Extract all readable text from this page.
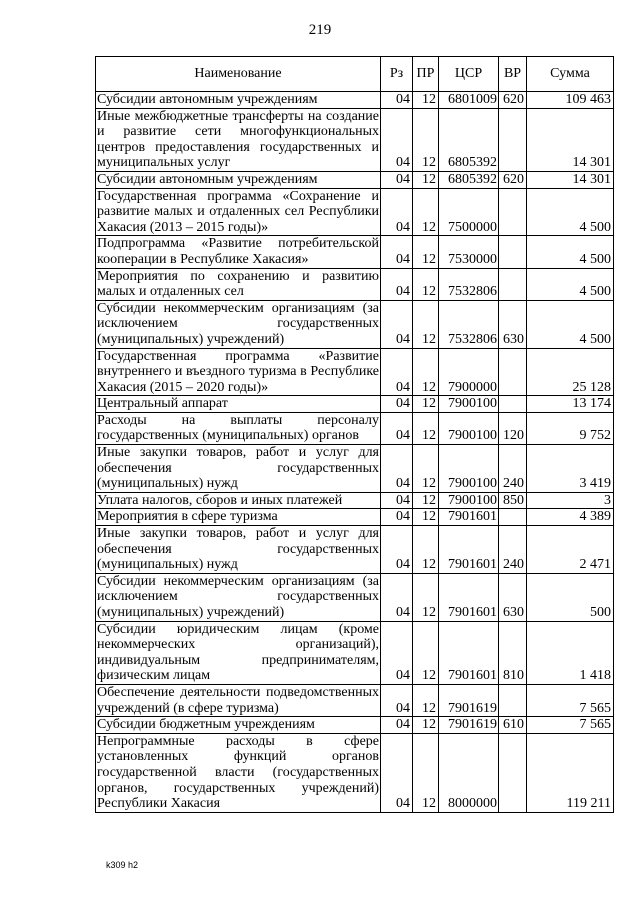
219
Наименование	Рз	ПР	ЦСР	ВР	Сумма
Субсидии автономным учреждениям	04	12	6801009	620	109 463
Иные межбюджетные трансферты на создание и развитие сети многофункциональных центров предоставления государственных и муниципальных услуг	04	12	6805392		14 301
Субсидии автономным учреждениям	04	12	6805392	620	14 301
Государственная программа «Сохранение и развитие малых и отдаленных сел Республики Хакасия (2013 – 2015 годы)»	04	12	7500000		4 500
Подпрограмма «Развитие потребительской кооперации в Республике Хакасия»	04	12	7530000		4 500
Мероприятия по сохранению и развитию малых и отдаленных сел	04	12	7532806		4 500
Субсидии некоммерческим организациям (за исключением государственных (муниципальных) учреждений)	04	12	7532806	630	4 500
Государственная программа «Развитие внутреннего и въездного туризма в Республике Хакасия (2015 – 2020 годы)»	04	12	7900000		25 128
Центральный аппарат	04	12	7900100		13 174
Расходы на выплаты персоналу государственных (муниципальных) органов	04	12	7900100	120	9 752
Иные закупки товаров, работ и услуг для обеспечения государственных (муниципальных) нужд	04	12	7900100	240	3 419
Уплата налогов, сборов и иных платежей	04	12	7900100	850	3
Мероприятия в сфере туризма	04	12	7901601		4 389
Иные закупки товаров, работ и услуг для обеспечения государственных (муниципальных) нужд	04	12	7901601	240	2 471
Субсидии некоммерческим организациям (за исключением государственных (муниципальных) учреждений)	04	12	7901601	630	500
Субсидии юридическим лицам (кроме некоммерческих организаций), индивидуальным предпринимателям, физическим лицам	04	12	7901601	810	1 418
Обеспечение деятельности подведомственных учреждений (в сфере туризма)	04	12	7901619		7 565
Субсидии бюджетным учреждениям	04	12	7901619	610	7 565
Непрограммные расходы в сфере установленных функций органов государственной власти (государственных органов, государственных учреждений) Республики Хакасия	04	12	8000000		119 211
k309 h2
